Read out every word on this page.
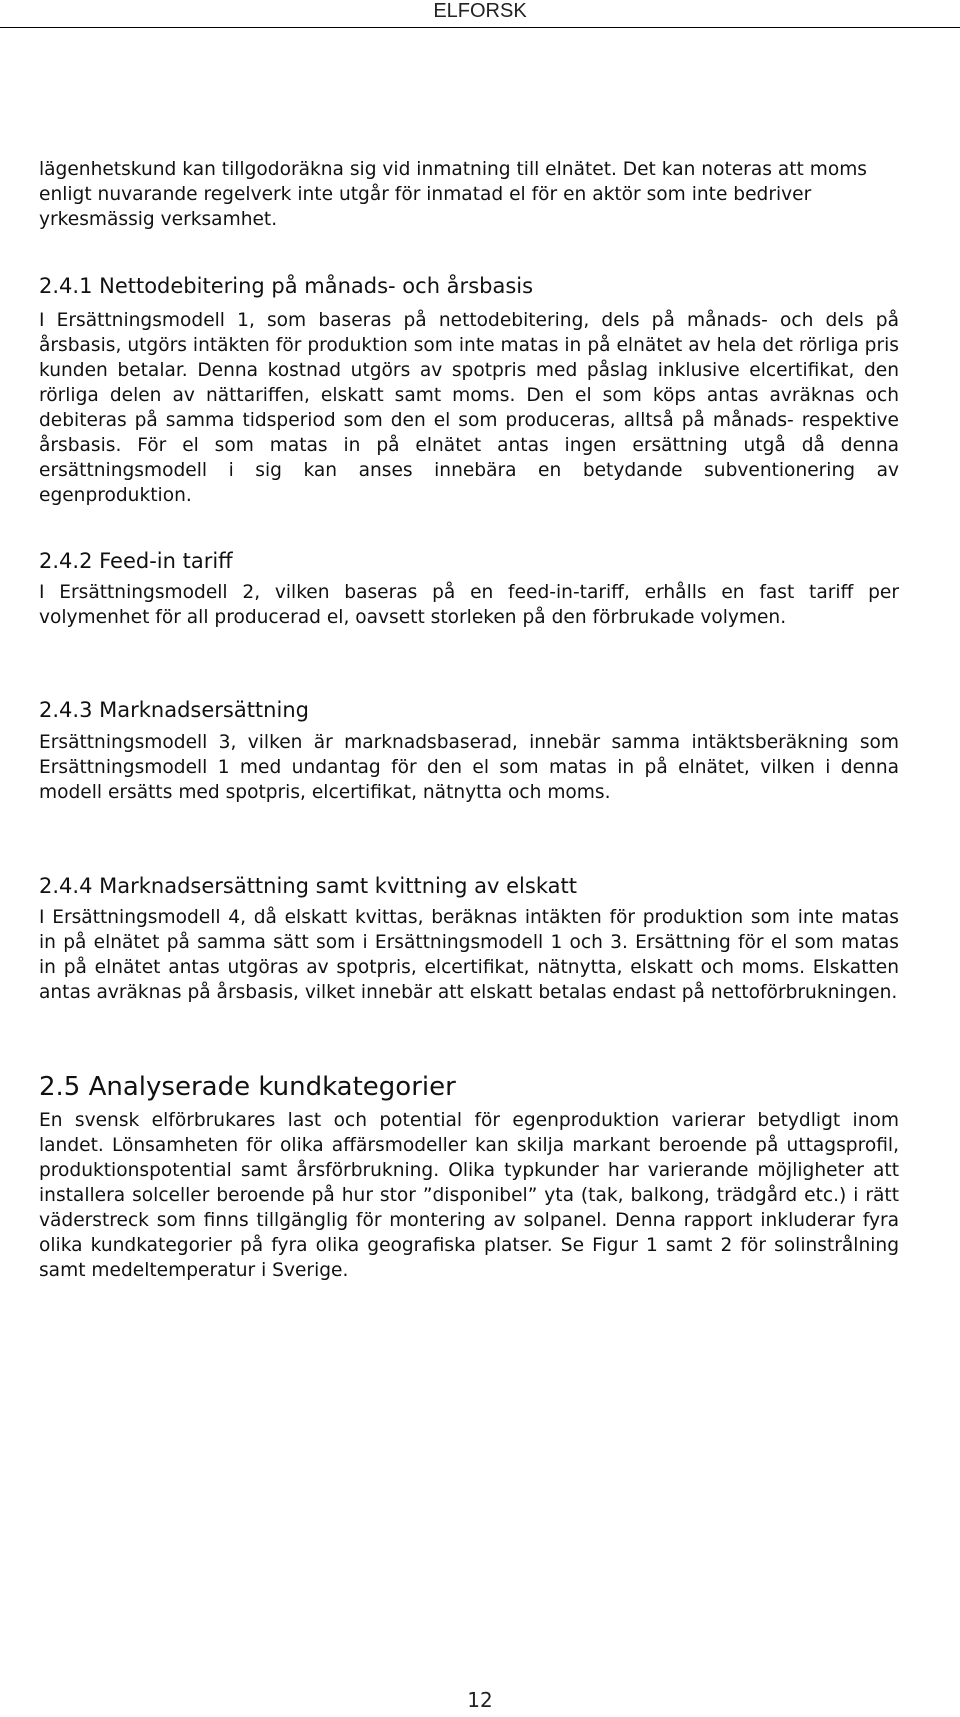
ELFORSK

lägenhetskund kan tillgodoräkna sig vid inmatning till elnätet. Det kan noteras att moms enligt nuvarande regelverk inte utgår för inmatad el för en aktör som inte bedriver yrkesmässig verksamhet.

2.4.1 Nettodebitering på månads- och årsbasis

I Ersättningsmodell 1, som baseras på nettodebitering, dels på månads- och dels på årsbasis, utgörs intäkten för produktion som inte matas in på elnätet av hela det rörliga pris kunden betalar. Denna kostnad utgörs av spotpris med påslag inklusive elcertifikat, den rörliga delen av nättariffen, elskatt samt moms. Den el som köps antas avräknas och debiteras på samma tidsperiod som den el som produceras, alltså på månads- respektive årsbasis. För el som matas in på elnätet antas ingen ersättning utgå då denna ersättningsmodell i sig kan anses innebära en betydande subventionering av egenproduktion.

2.4.2 Feed-in tariff

I Ersättningsmodell 2, vilken baseras på en feed-in-tariff, erhålls en fast tariff per volymenhet för all producerad el, oavsett storleken på den förbrukade volymen.

2.4.3 Marknadsersättning

Ersättningsmodell 3, vilken är marknadsbaserad, innebär samma intäktsberäkning som Ersättningsmodell 1 med undantag för den el som matas in på elnätet, vilken i denna modell ersätts med spotpris, elcertifikat, nätnytta och moms.

2.4.4 Marknadsersättning samt kvittning av elskatt

I Ersättningsmodell 4, då elskatt kvittas, beräknas intäkten för produktion som inte matas in på elnätet på samma sätt som i Ersättningsmodell 1 och 3. Ersättning för el som matas in på elnätet antas utgöras av spotpris, elcertifikat, nätnytta, elskatt och moms. Elskatten antas avräknas på årsbasis, vilket innebär att elskatt betalas endast på nettoförbrukningen.

2.5 Analyserade kundkategorier

En svensk elförbrukares last och potential för egenproduktion varierar betydligt inom landet. Lönsamheten för olika affärsmodeller kan skilja markant beroende på uttagsprofil, produktionspotential samt årsförbrukning. Olika typkunder har varierande möjligheter att installera solceller beroende på hur stor ”disponibel” yta (tak, balkong, trädgård etc.) i rätt väderstreck som finns tillgänglig för montering av solpanel. Denna rapport inkluderar fyra olika kundkategorier på fyra olika geografiska platser. Se Figur 1 samt 2 för solinstrålning samt medeltemperatur i Sverige.

12
